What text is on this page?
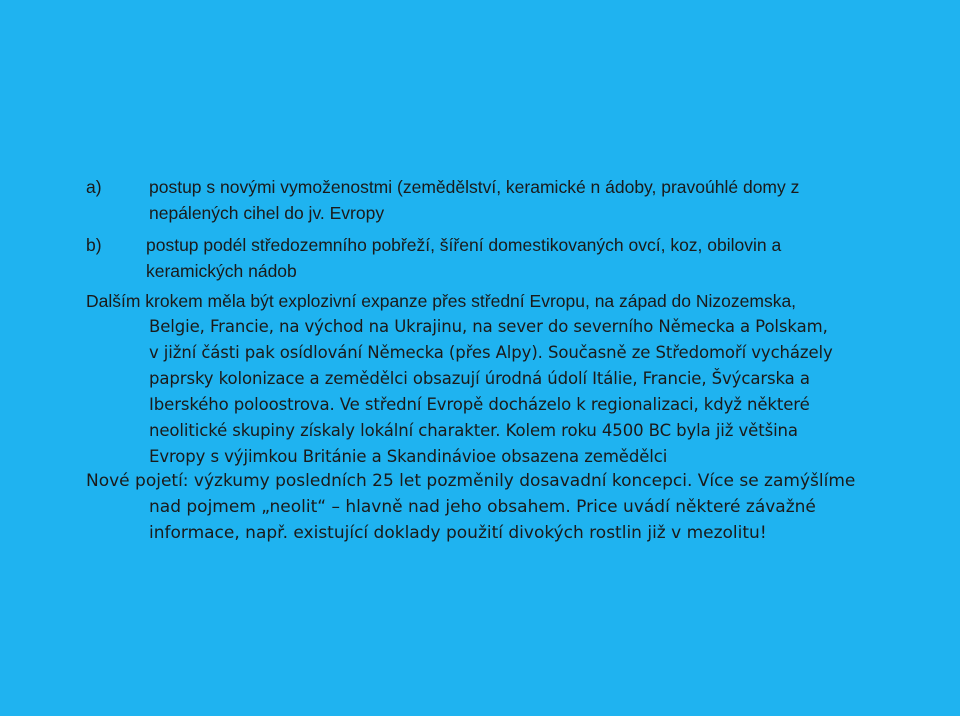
a)	postup s novými vymoženostmi (zemědělství, keramické n ádoby, pravoúhlé domy z
nepálených cihel do jv. Evropy
b)	postup podél středozemního pobřeží, šíření domestikovaných ovcí, koz, obilovin a
keramických nádob
Dalším krokem měla být explozivní expanze přes střední Evropu, na západ do Nizozemska,
Belgie, Francie, na východ na Ukrajinu, na sever do severního Německa a Polskam,
v jižní části pak osídlování Německa (přes Alpy). Současně ze Středomoří vycházely
paprsky kolonizace a zemědělci obsazují úrodná údolí Itálie, Francie, Švýcarska a
Iberského poloostrova. Ve střední Evropě docházelo k regionalizaci, když některé
neolitické skupiny získaly lokální charakter. Kolem roku 4500 BC byla již většina
Evropy s výjimkou Británie a Skandinávioe obsazena zemědělci
Nové pojetí: výzkumy posledních 25 let pozměnily dosavadní koncepci. Více se zamýšlíme
nad pojmem „neolit“ – hlavně nad jeho obsahem. Price uvádí některé závažné
informace, např. existující doklady použití divokých rostlin již v mezolitu!
